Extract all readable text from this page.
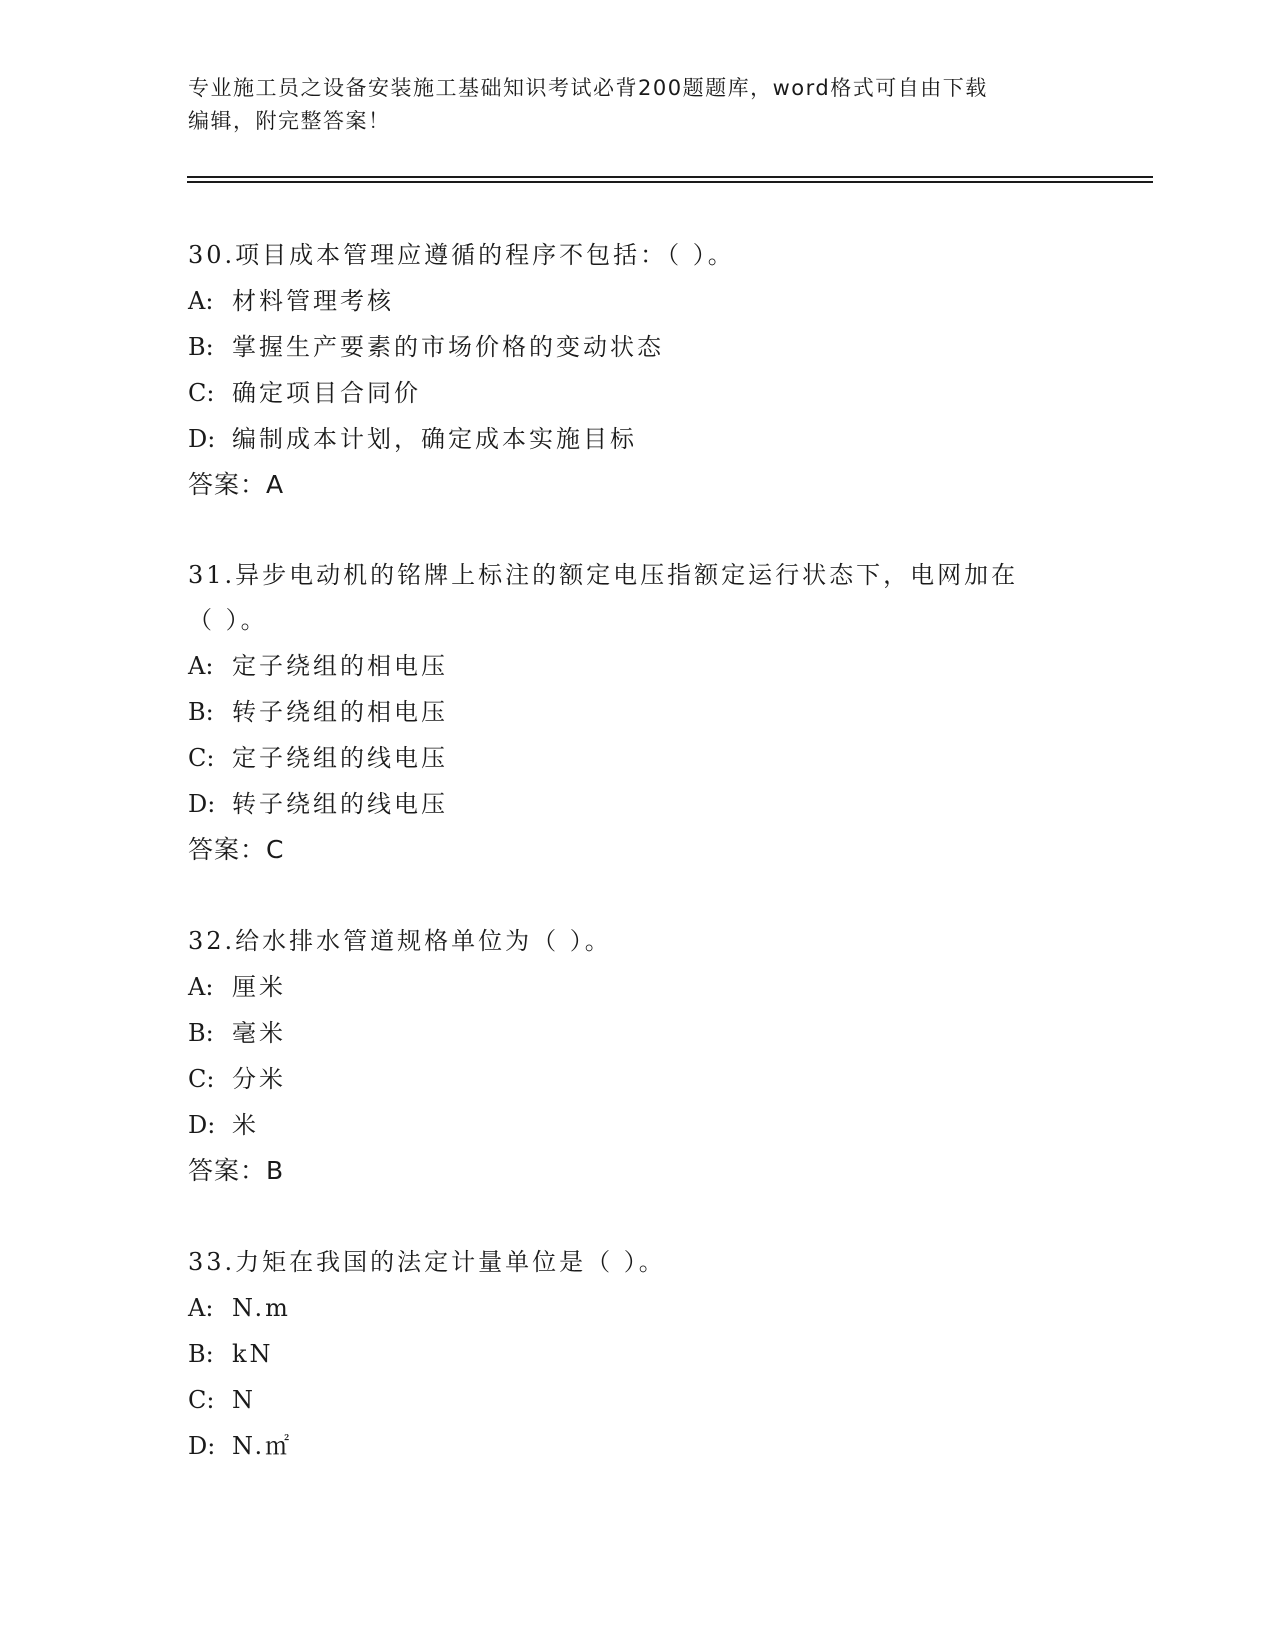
专业施工员之设备安装施工基础知识考试必背200题题库，word格式可自由下载
编辑，附完整答案！

30.项目成本管理应遵循的程序不包括：（ ）。

A: 材料管理考核

B: 掌握生产要素的市场价格的变动状态

C: 确定项目合同价

D: 编制成本计划，确定成本实施目标

答案：A

31.异步电动机的铭牌上标注的额定电压指额定运行状态下，电网加在

（ ）。

A: 定子绕组的相电压

B: 转子绕组的相电压

C: 定子绕组的线电压

D: 转子绕组的线电压

答案：C

32.给水排水管道规格单位为（ ）。

A: 厘米

B: 毫米

C: 分米

D: 米

答案：B

33.力矩在我国的法定计量单位是（ ）。

A: N.m

B: kN

C: N

D: N.㎡
